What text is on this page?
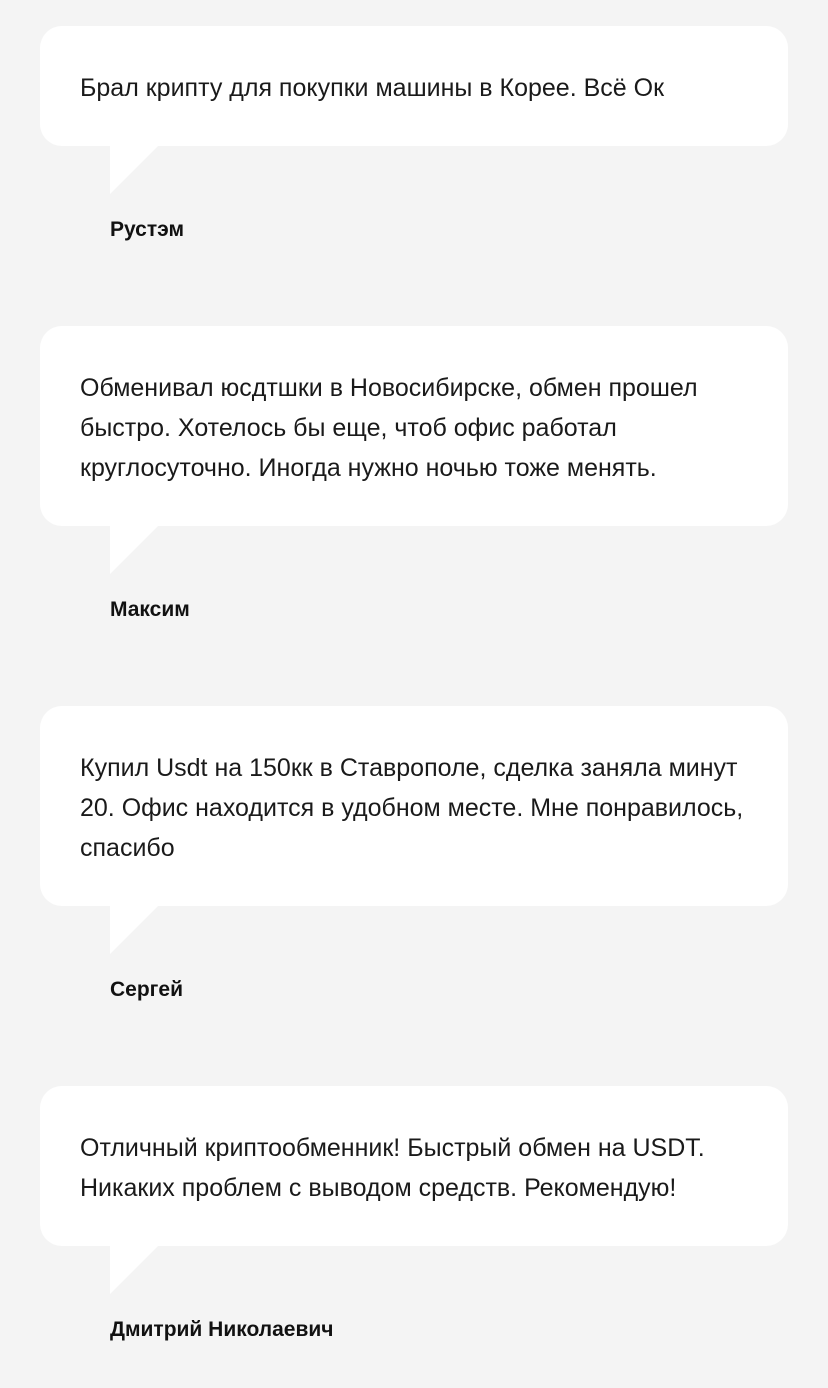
Брал крипту для покупки машины в Корее. Всё Ок

Рустэм

Обменивал юсдтшки в Новосибирске, обмен прошел быстро. Хотелось бы еще, чтоб офис работал круглосуточно. Иногда нужно ночью тоже менять.

Максим

Купил Usdt на 150кк в Ставрополе, сделка заняла минут 20. Офис находится в удобном месте. Мне понравилось, спасибо

Сергей

Отличный криптообменник! Быстрый обмен на USDT. Никаких проблем с выводом средств. Рекомендую!

Дмитрий Николаевич
